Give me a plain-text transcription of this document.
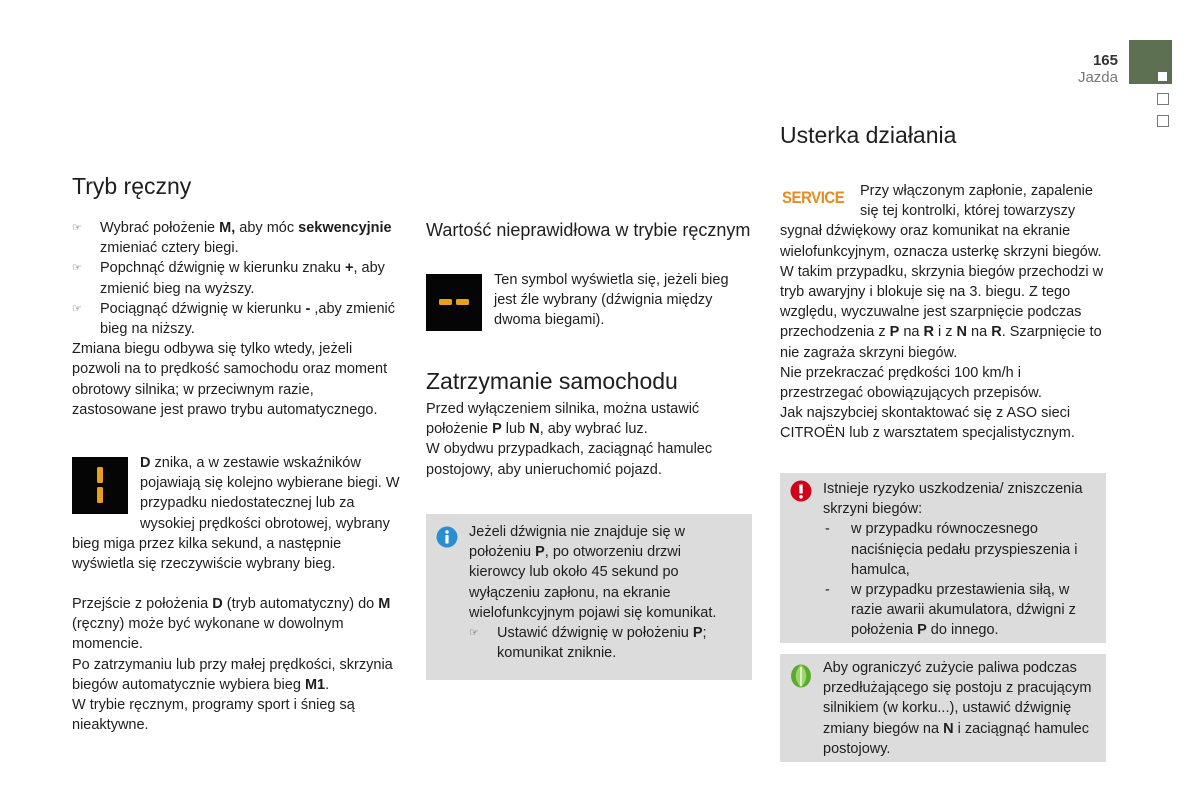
165
Jazda
Tryb ręczny
☞ Wybrać położenie M, aby móc sekwencyjnie zmieniać cztery biegi.
☞ Popchnąć dźwignię w kierunku znaku +, aby zmienić bieg na wyższy.
☞ Pociągnąć dźwignię w kierunku - ,aby zmienić bieg na niższy.

Zmiana biegu odbywa się tylko wtedy, jeżeli pozwoli na to prędkość samochodu oraz moment obrotowy silnika; w przeciwnym razie, zastosowane jest prawo trybu automatycznego.

D znika, a w zestawie wskaźników pojawiają się kolejno wybierane biegi. W przypadku niedostatecznej lub za wysokiej prędkości obrotowej, wybrany bieg miga przez kilka sekund, a następnie wyświetla się rzeczywiście wybrany bieg.

Przejście z położenia D (tryb automatyczny) do M (ręczny) może być wykonane w dowolnym momencie.

Po zatrzymaniu lub przy małej prędkości, skrzynia biegów automatycznie wybiera bieg M1.

W trybie ręcznym, programy sport i śnieg są nieaktywne.

Wartość nieprawidłowa w trybie ręcznym

Ten symbol wyświetla się, jeżeli bieg jest źle wybrany (dźwignia między dwoma biegami).

Zatrzymanie samochodu

Przed wyłączeniem silnika, można ustawić położenie P lub N, aby wybrać luz.

W obydwu przypadkach, zaciągnąć hamulec postojowy, aby unieruchomić pojazd.

Jeżeli dźwignia nie znajduje się w położeniu P, po otworzeniu drzwi kierowcy lub około 45 sekund po wyłączeniu zapłonu, na ekranie wielofunkcyjnym pojawi się komunikat.
☞ Ustawić dźwignię w położeniu P; komunikat zniknie.
Usterka działania
SERVICE	Przy włączonym zapłonie, zapalenie się tej kontrolki, której towarzyszy sygnał dźwiękowy oraz komunikat na ekranie wielofunkcyjnym, oznacza usterkę skrzyni biegów.

W takim przypadku, skrzynia biegów przechodzi w tryb awaryjny i blokuje się na 3. biegu. Z tego względu, wyczuwalne jest szarpnięcie podczas przechodzenia z P na R i z N na R. Szarpnięcie to nie zagraża skrzyni biegów.

Nie przekraczać prędkości 100 km/h i przestrzegać obowiązujących przepisów.

Jak najszybciej skontaktować się z ASO sieci CITROËN lub z warsztatem specjalistycznym.

Istnieje ryzyko uszkodzenia/ zniszczenia skrzyni biegów:
- w przypadku równoczesnego naciśnięcia pedału przyspieszenia i hamulca,
- w przypadku przestawienia siłą, w razie awarii akumulatora, dźwigni z położenia P do innego.
Aby ograniczyć zużycie paliwa podczas przedłużającego się postoju z pracującym silnikiem (w korku...), ustawić dźwignię zmiany biegów na N i zaciągnąć hamulec postojowy.
